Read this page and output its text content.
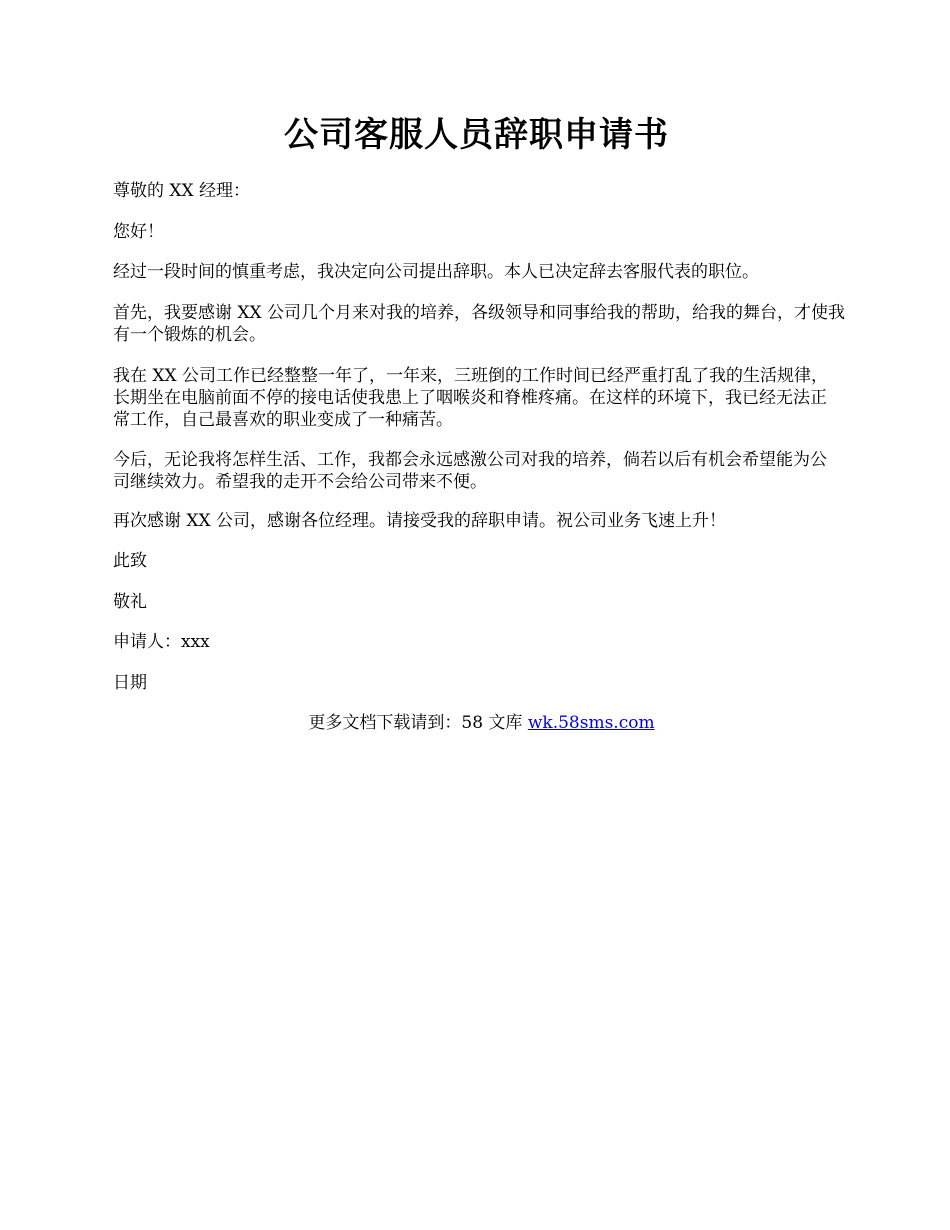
公司客服人员辞职申请书

尊敬的 XX 经理：

您好！

经过一段时间的慎重考虑，我决定向公司提出辞职。本人已决定辞去客服代表的职位。

首先，我要感谢 XX 公司几个月来对我的培养，各级领导和同事给我的帮助，给我的舞台，才使我有一个锻炼的机会。

我在 XX 公司工作已经整整一年了，一年来，三班倒的工作时间已经严重打乱了我的生活规律，长期坐在电脑前面不停的接电话使我患上了咽喉炎和脊椎疼痛。在这样的环境下，我已经无法正常工作，自己最喜欢的职业变成了一种痛苦。

今后，无论我将怎样生活、工作，我都会永远感激公司对我的培养，倘若以后有机会希望能为公司继续效力。希望我的走开不会给公司带来不便。

再次感谢 XX 公司，感谢各位经理。请接受我的辞职申请。祝公司业务飞速上升！

此致

敬礼

申请人：xxx

日期

更多文档下载请到：58 文库 wk.58sms.com
